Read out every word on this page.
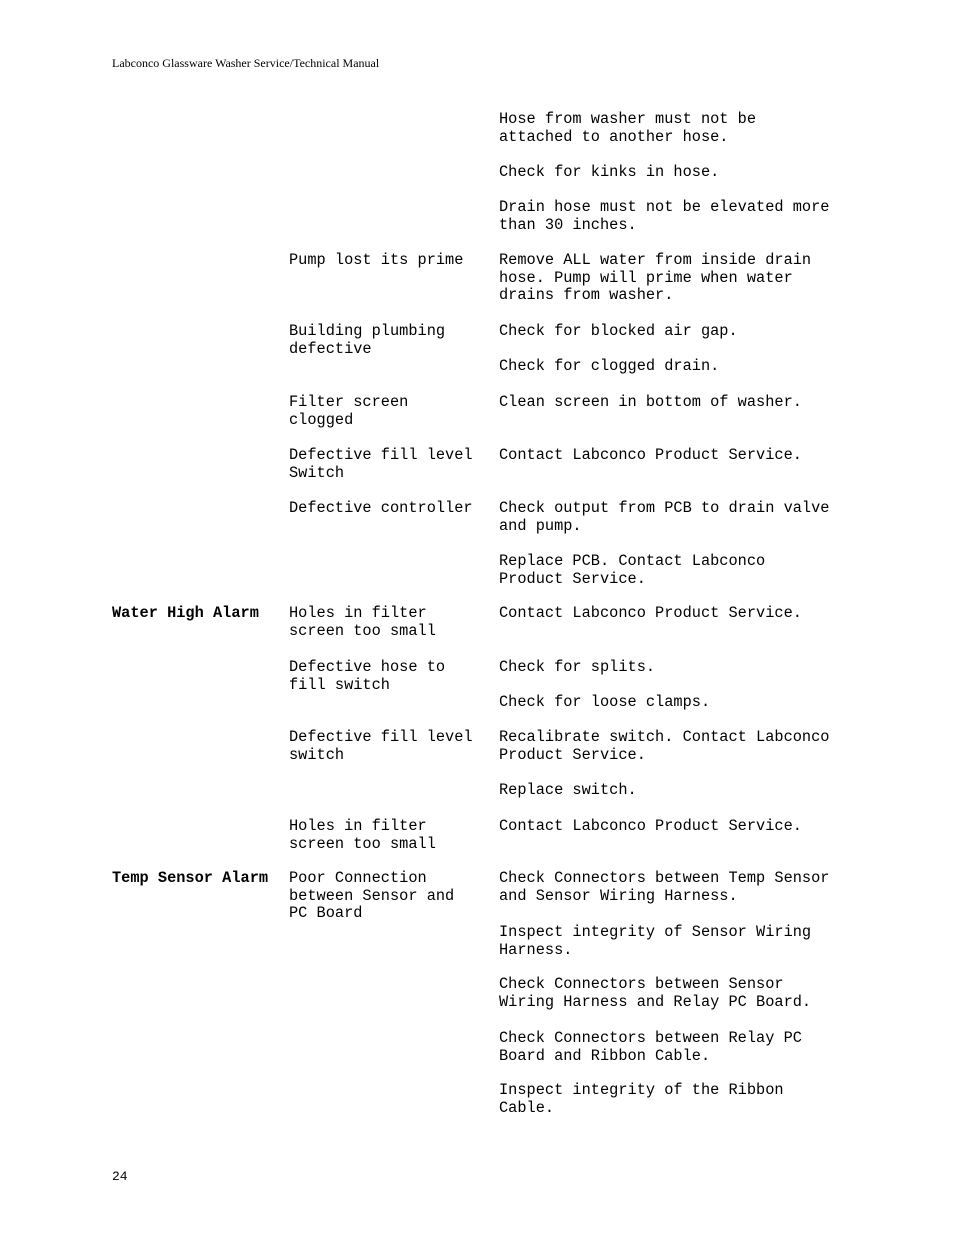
Labconco Glassware Washer Service/Technical Manual
Hose from washer must not be
attached to another hose.
Check for kinks in hose.
Drain hose must not be elevated more
than 30 inches.
Pump lost its prime Remove ALL water from inside drain
hose. Pump will prime when water
drains from washer.
Building plumbing
defective
Check for blocked air gap.
Check for clogged drain.
Filter screen
clogged
Clean screen in bottom of washer.
Defective fill level
Switch
Contact Labconco Product Service.
Defective controller Check output from PCB to drain valve
and pump.
Replace PCB. Contact Labconco
Product Service.
Water High Alarm Holes in filter
screen too small
Contact Labconco Product Service.
Defective hose to
fill switch
Check for splits.
Check for loose clamps.
Defective fill level
switch
Recalibrate switch. Contact Labconco
Product Service.
Replace switch.
Holes in filter
screen too small
Contact Labconco Product Service.
Temp Sensor Alarm Poor Connection
between Sensor and
PC Board
Check Connectors between Temp Sensor
and Sensor Wiring Harness.
Inspect integrity of Sensor Wiring
Harness.
Check Connectors between Sensor
Wiring Harness and Relay PC Board.
Check Connectors between Relay PC
Board and Ribbon Cable.
Inspect integrity of the Ribbon
Cable.
24
